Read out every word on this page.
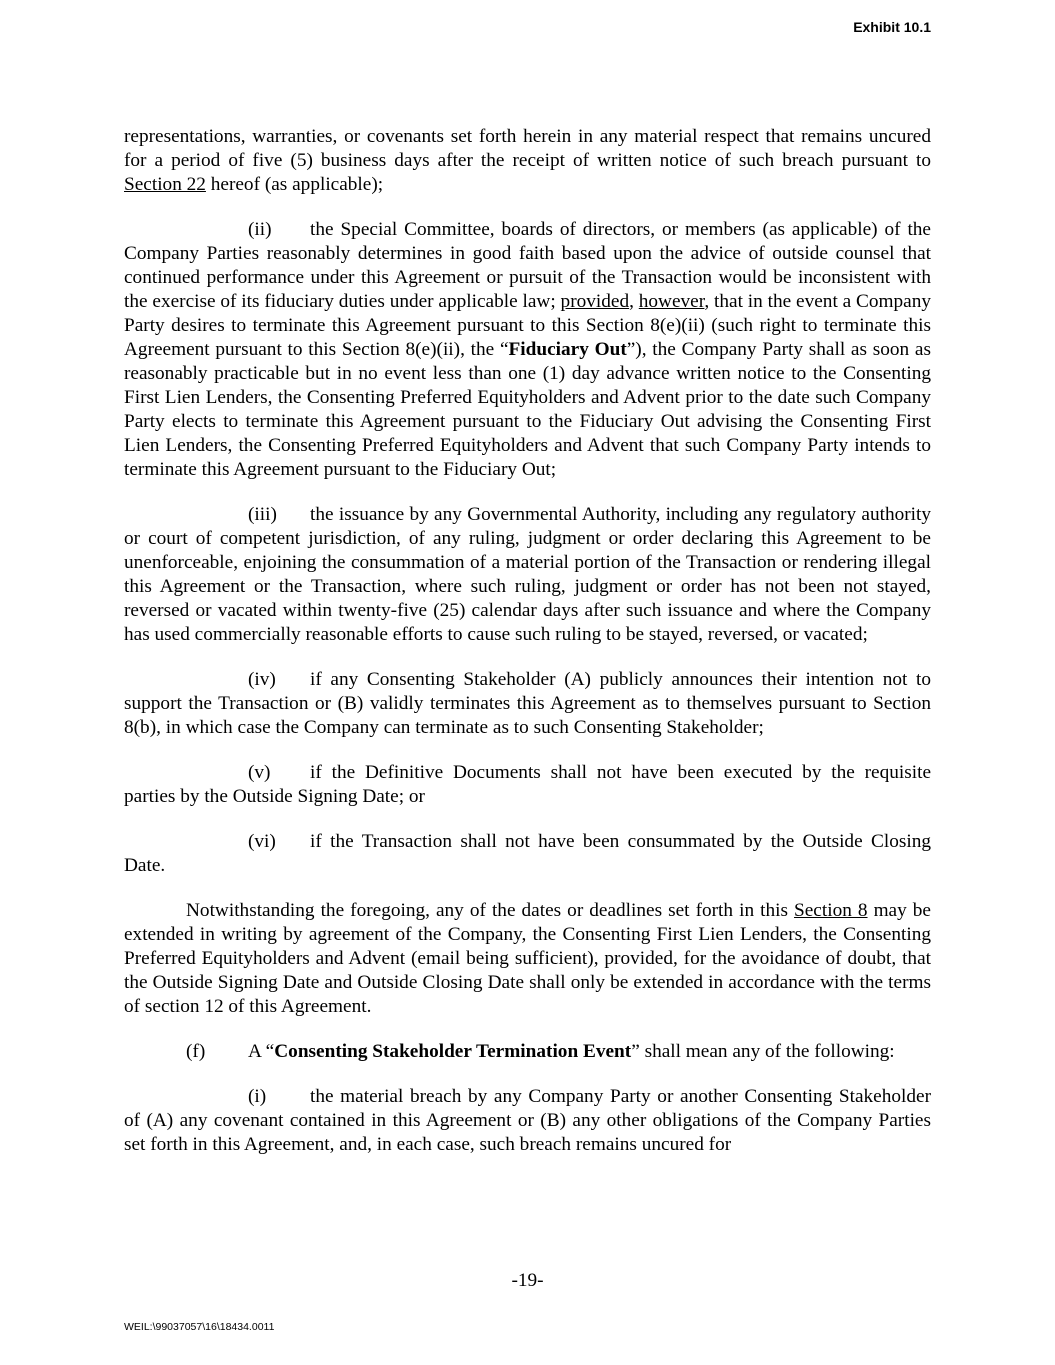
Exhibit 10.1

representations, warranties, or covenants set forth herein in any material respect that remains uncured for a period of five (5) business days after the receipt of written notice of such breach pursuant to Section 22 hereof (as applicable);

(ii) the Special Committee, boards of directors, or members (as applicable) of the Company Parties reasonably determines in good faith based upon the advice of outside counsel that continued performance under this Agreement or pursuit of the Transaction would be inconsistent with the exercise of its fiduciary duties under applicable law; provided, however, that in the event a Company Party desires to terminate this Agreement pursuant to this Section 8(e)(ii) (such right to terminate this Agreement pursuant to this Section 8(e)(ii), the “Fiduciary Out”), the Company Party shall as soon as reasonably practicable but in no event less than one (1) day advance written notice to the Consenting First Lien Lenders, the Consenting Preferred Equityholders and Advent prior to the date such Company Party elects to terminate this Agreement pursuant to the Fiduciary Out advising the Consenting First Lien Lenders, the Consenting Preferred Equityholders and Advent that such Company Party intends to terminate this Agreement pursuant to the Fiduciary Out;

(iii) the issuance by any Governmental Authority, including any regulatory authority or court of competent jurisdiction, of any ruling, judgment or order declaring this Agreement to be unenforceable, enjoining the consummation of a material portion of the Transaction or rendering illegal this Agreement or the Transaction, where such ruling, judgment or order has not been not stayed, reversed or vacated within twenty-five (25) calendar days after such issuance and where the Company has used commercially reasonable efforts to cause such ruling to be stayed, reversed, or vacated;

(iv) if any Consenting Stakeholder (A) publicly announces their intention not to support the Transaction or (B) validly terminates this Agreement as to themselves pursuant to Section 8(b), in which case the Company can terminate as to such Consenting Stakeholder;

(v) if the Definitive Documents shall not have been executed by the requisite parties by the Outside Signing Date; or

(vi) if the Transaction shall not have been consummated by the Outside Closing Date.

Notwithstanding the foregoing, any of the dates or deadlines set forth in this Section 8 may be extended in writing by agreement of the Company, the Consenting First Lien Lenders, the Consenting Preferred Equityholders and Advent (email being sufficient), provided, for the avoidance of doubt, that the Outside Signing Date and Outside Closing Date shall only be extended in accordance with the terms of section 12 of this Agreement.

(f) A “Consenting Stakeholder Termination Event” shall mean any of the following:

(i) the material breach by any Company Party or another Consenting Stakeholder of (A) any covenant contained in this Agreement or (B) any other obligations of the Company Parties set forth in this Agreement, and, in each case, such breach remains uncured for

-19-
WEIL:\99037057\16\18434.0011
